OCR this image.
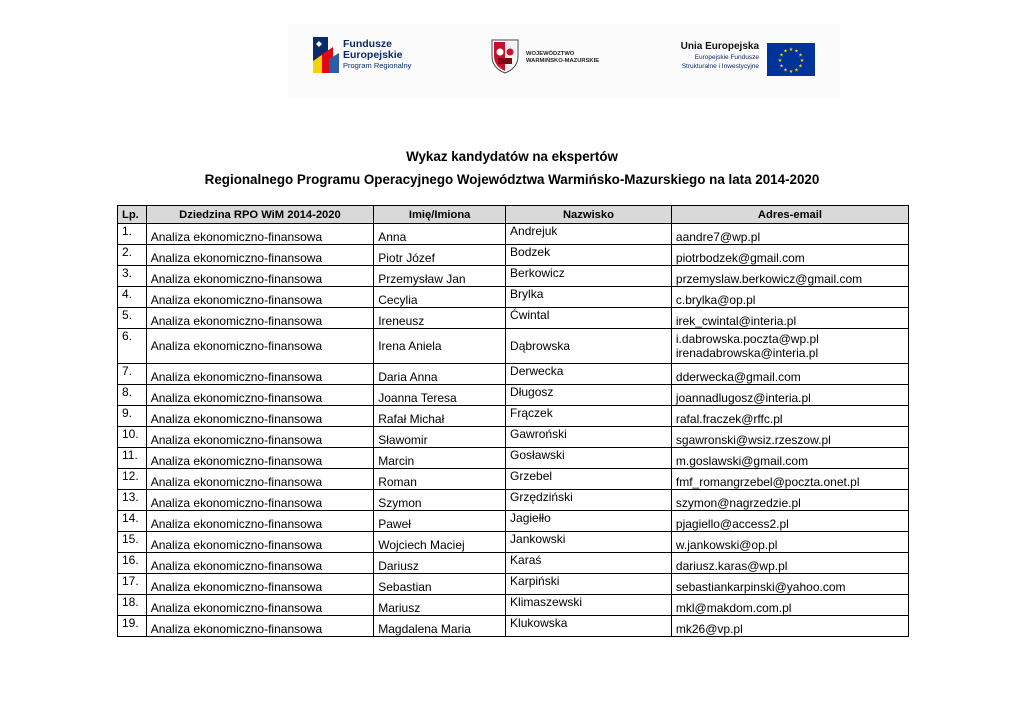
Fundusze
Europejskie
Program Regionalny
WOJEWÓDZTWO
WARMIŃSKO-MAZURSKIE
Unia Europejska
Europejskie Fundusze
Strukturalne i Inwestycyjne
★ ★
★
★
★
★
★
★
★
★
★
★
Wykaz kandydatów na ekspertów
Regionalnego Programu Operacyjnego Województwa Warmińsko-Mazurskiego na lata 2014-2020
Lp.	Dziedzina RPO WiM 2014-2020	Imię/Imiona	Nazwisko	Adres-email
1.	Analiza ekonomiczno-finansowa	Anna	Andrejuk	aandre7@wp.pl

2.	Analiza ekonomiczno-finansowa	Piotr Józef	Bodzek	piotrbodzek@gmail.com

3.	Analiza ekonomiczno-finansowa	Przemysław Jan	Berkowicz	przemyslaw.berkowicz@gmail.com

4.	Analiza ekonomiczno-finansowa	Cecylia	Brylka	c.brylka@op.pl

5.	Analiza ekonomiczno-finansowa	Ireneusz	Ćwintal	irek_cwintal@interia.pl

6.	Analiza ekonomiczno-finansowa	Irena Aniela	Dąbrowska	i.dabrowska.poczta@wp.pl
irenadabrowska@interia.pl

7.	Analiza ekonomiczno-finansowa	Daria Anna	Derwecka	dderwecka@gmail.com

8.	Analiza ekonomiczno-finansowa	Joanna Teresa	Długosz	joannadlugosz@interia.pl

9.	Analiza ekonomiczno-finansowa	Rafał Michał	Frączek	rafal.fraczek@rffc.pl

10.	Analiza ekonomiczno-finansowa	Sławomir	Gawroński	sgawronski@wsiz.rzeszow.pl

11.	Analiza ekonomiczno-finansowa	Marcin	Gosławski	m.goslawski@gmail.com

12.	Analiza ekonomiczno-finansowa	Roman	Grzebel	fmf_romangrzebel@poczta.onet.pl

13.	Analiza ekonomiczno-finansowa	Szymon	Grzędziński	szymon@nagrzedzie.pl

14.	Analiza ekonomiczno-finansowa	Paweł	Jagiełło	pjagiello@access2.pl

15.	Analiza ekonomiczno-finansowa	Wojciech Maciej	Jankowski	w.jankowski@op.pl

16.	Analiza ekonomiczno-finansowa	Dariusz	Karaś	dariusz.karas@wp.pl

17.	Analiza ekonomiczno-finansowa	Sebastian	Karpiński	sebastiankarpinski@yahoo.com

18.	Analiza ekonomiczno-finansowa	Mariusz	Klimaszewski	mkl@makdom.com.pl

19.	Analiza ekonomiczno-finansowa	Magdalena Maria	Klukowska	mk26@vp.pl
